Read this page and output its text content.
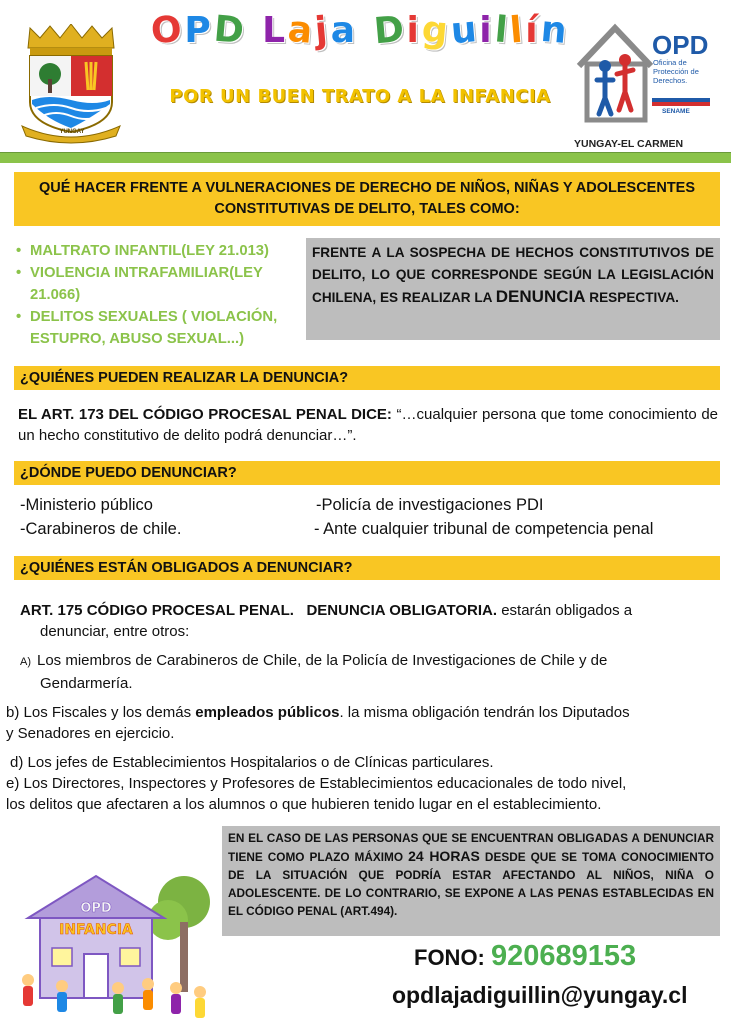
YUNGAY
OPD Laja Diguillín
POR UN BUEN TRATO A LA INFANCIA
OPD
Oficina de Protección de Derechos.
SENAME
YUNGAY-EL CARMEN
QUÉ HACER FRENTE A VULNERACIONES DE DERECHO DE NIÑOS, NIÑAS Y ADOLESCENTES
CONSTITUTIVAS DE DELITO, TALES COMO:
• MALTRATO INFANTIL(LEY 21.013)
• VIOLENCIA INTRAFAMILIAR(LEY 21.066)
• DELITOS SEXUALES ( VIOLACIÓN, ESTUPRO, ABUSO SEXUAL...)
FRENTE A LA SOSPECHA DE HECHOS CONSTITUTIVOS DE DELITO, LO QUE CORRESPONDE SEGÚN LA LEGISLACIÓN CHILENA, ES REALIZAR LA DENUNCIA RESPECTIVA.
¿QUIÉNES PUEDEN REALIZAR LA DENUNCIA?
EL ART. 173 DEL CÓDIGO PROCESAL PENAL DICE: “…cualquier persona que tome conocimiento de un hecho constitutivo de delito podrá denunciar…”.
¿DÓNDE PUEDO DENUNCIAR?
-Ministerio público	-Policía de investigaciones PDI
-Carabineros de chile.	- Ante cualquier tribunal de competencia penal
¿QUIÉNES ESTÁN OBLIGADOS A DENUNCIAR?
ART. 175 CÓDIGO PROCESAL PENAL. DENUNCIA OBLIGATORIA. estarán obligados a
denunciar, entre otros:
A) Los miembros de Carabineros de Chile, de la Policía de Investigaciones de Chile y de
Gendarmería.
b) Los Fiscales y los demás empleados públicos. la misma obligación tendrán los Diputados
y Senadores en ejercicio.
d) Los jefes de Establecimientos Hospitalarios o de Clínicas particulares.
e) Los Directores, Inspectores y Profesores de Establecimientos educacionales de todo nivel,
los delitos que afectaren a los alumnos o que hubieren tenido lugar en el establecimiento.
EN EL CASO DE LAS PERSONAS QUE SE ENCUENTRAN OBLIGADAS A DENUNCIAR TIENE COMO PLAZO MÁXIMO 24 HORAS DESDE QUE SE TOMA CONOCIMIENTO DE LA SITUACIÓN QUE PODRÍA ESTAR AFECTANDO AL NIÑOS, NIÑA O ADOLESCENTE. DE LO CONTRARIO, SE EXPONE A LAS PENAS ESTABLECIDAS EN EL CÓDIGO PENAL (ART.494).
OPD
INFANCIA
FONO: 920689153
opdlajadiguillin@yungay.cl
